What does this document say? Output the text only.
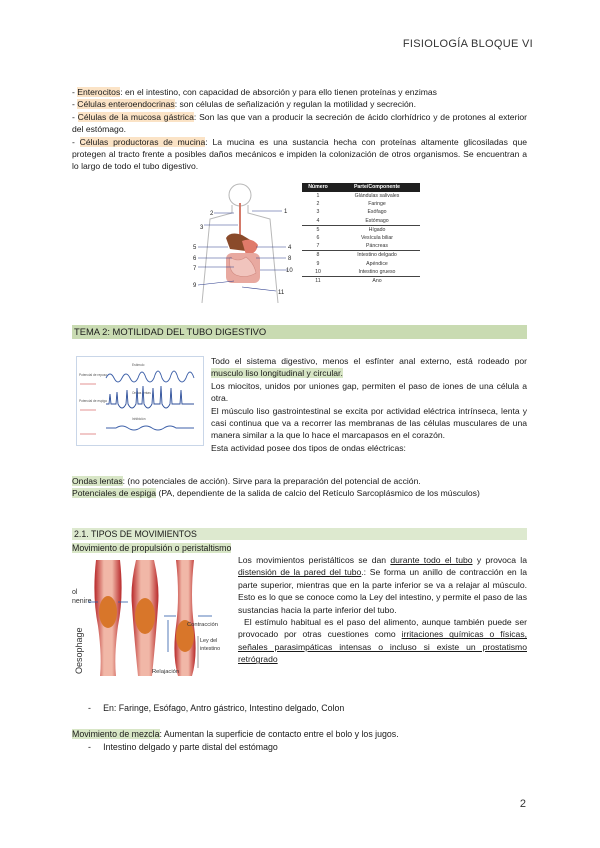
FISIOLOGÍA BLOQUE VI
- Enterocitos: en el intestino, con capacidad de absorción y para ello tienen proteínas y enzimas
- Células enteroendocrinas: son células de señalización y regulan la motilidad y secreción.
- Células de la mucosa gástrica: Son las que van a producir la secreción de ácido clorhídrico y de protones al exterior del estómago.
- Células productoras de mucina: La mucina es una sustancia hecha con proteínas altamente glicosiladas que protegen al tracto frente a posibles daños mecánicos e impiden la colonización de otros organismos. Se encuentran a lo largo de todo el tubo digestivo.
2	1
3
5
6
7
4
8
10
9
11
Número	Parte/Componente
1	Glándulas salivales
2	Faringe
3	Esófago
4	Estómago
5	Hígado
6	Vesícula biliar
7	Páncreas
8	Intestino delgado
9	Apéndice
10	Intestino grueso
11	Ano
TEMA 2: MOTILIDAD DEL TUBO DIGESTIVO
Potencial de reposo
Estímulo
Potencial de espiga
Ondas lentas
Inhibición
Todo el sistema digestivo, menos el esfínter anal externo, está rodeado por musculo liso longitudinal y circular.
Los miocitos, unidos por uniones gap, permiten el paso de iones de una célula a otra.
El músculo liso gastrointestinal se excita por actividad eléctrica intrínseca, lenta y casi continua que va a recorrer las membranas de las células musculares de una manera similar a la que lo hace el marcapasos en el corazón.
Esta actividad posee dos tipos de ondas eléctricas:
Ondas lentas: (no potenciales de acción). Sirve para la preparación del potencial de acción.
Potenciales de espiga (PA, dependiente de la salida de calcio del Retículo Sarcoplásmico de los músculos)
2.1. TIPOS DE MOVIMIENTOS
Movimiento de propulsión o peristaltismo
Oesophage
ol
nenire
Contracción
Relajación
Ley del
intestino
Los movimientos peristálticos se dan durante todo el tubo y provoca la distensión de la pared del tubo.: Se forma un anillo de contracción en la parte superior, mientras que en la parte inferior se va a relajar al músculo. Esto es lo que se conoce como la Ley del intestino, y permite el paso de las sustancias hacia la parte inferior del tubo.
El estímulo habitual es el paso del alimento, aunque también puede ser provocado por otras cuestiones como irritaciones químicas o físicas, señales parasimpáticas intensas o incluso si existe un prostatismo retrógrado
-     En: Faringe, Esófago, Antro gástrico, Intestino delgado, Colon
Movimiento de mezcla: Aumentan la superficie de contacto entre el bolo y los jugos.
-     Intestino delgado y parte distal del estómago
2
